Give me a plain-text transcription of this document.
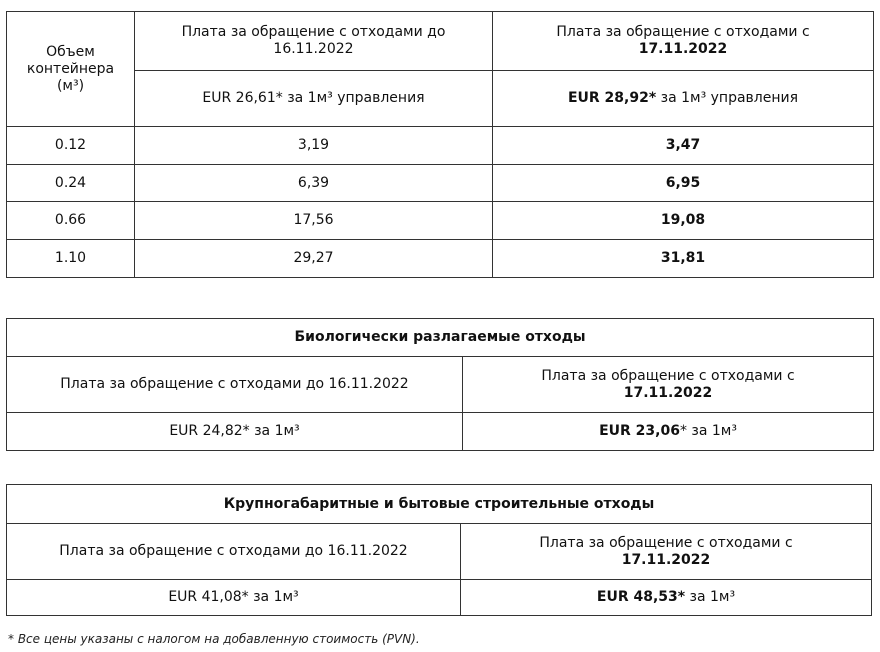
Объем контейнера
(м³)	Плата за обращение с отходами до 16.11.2022	Плата за обращение с отходами с
17.11.2022
	EUR 26,61* за 1м³ управления	EUR 28,92* за 1м³ управления
0.12	3,19	3,47
0.24	6,39	6,95
0.66	17,56	19,08
1.10	29,27	31,81
Биологически разлагаемые отходы	
Плата за обращение с отходами до 16.11.2022	Плата за обращение с отходами с
17.11.2022
EUR 24,82* за 1м³	EUR 23,06* за 1м³
Крупногабаритные и бытовые строительные отходы	
Плата за обращение с отходами до 16.11.2022	Плата за обращение с отходами с
17.11.2022
EUR 41,08* за 1м³	EUR 48,53* за 1м³
* Все цены указаны с налогом на добавленную стоимость (PVN).
